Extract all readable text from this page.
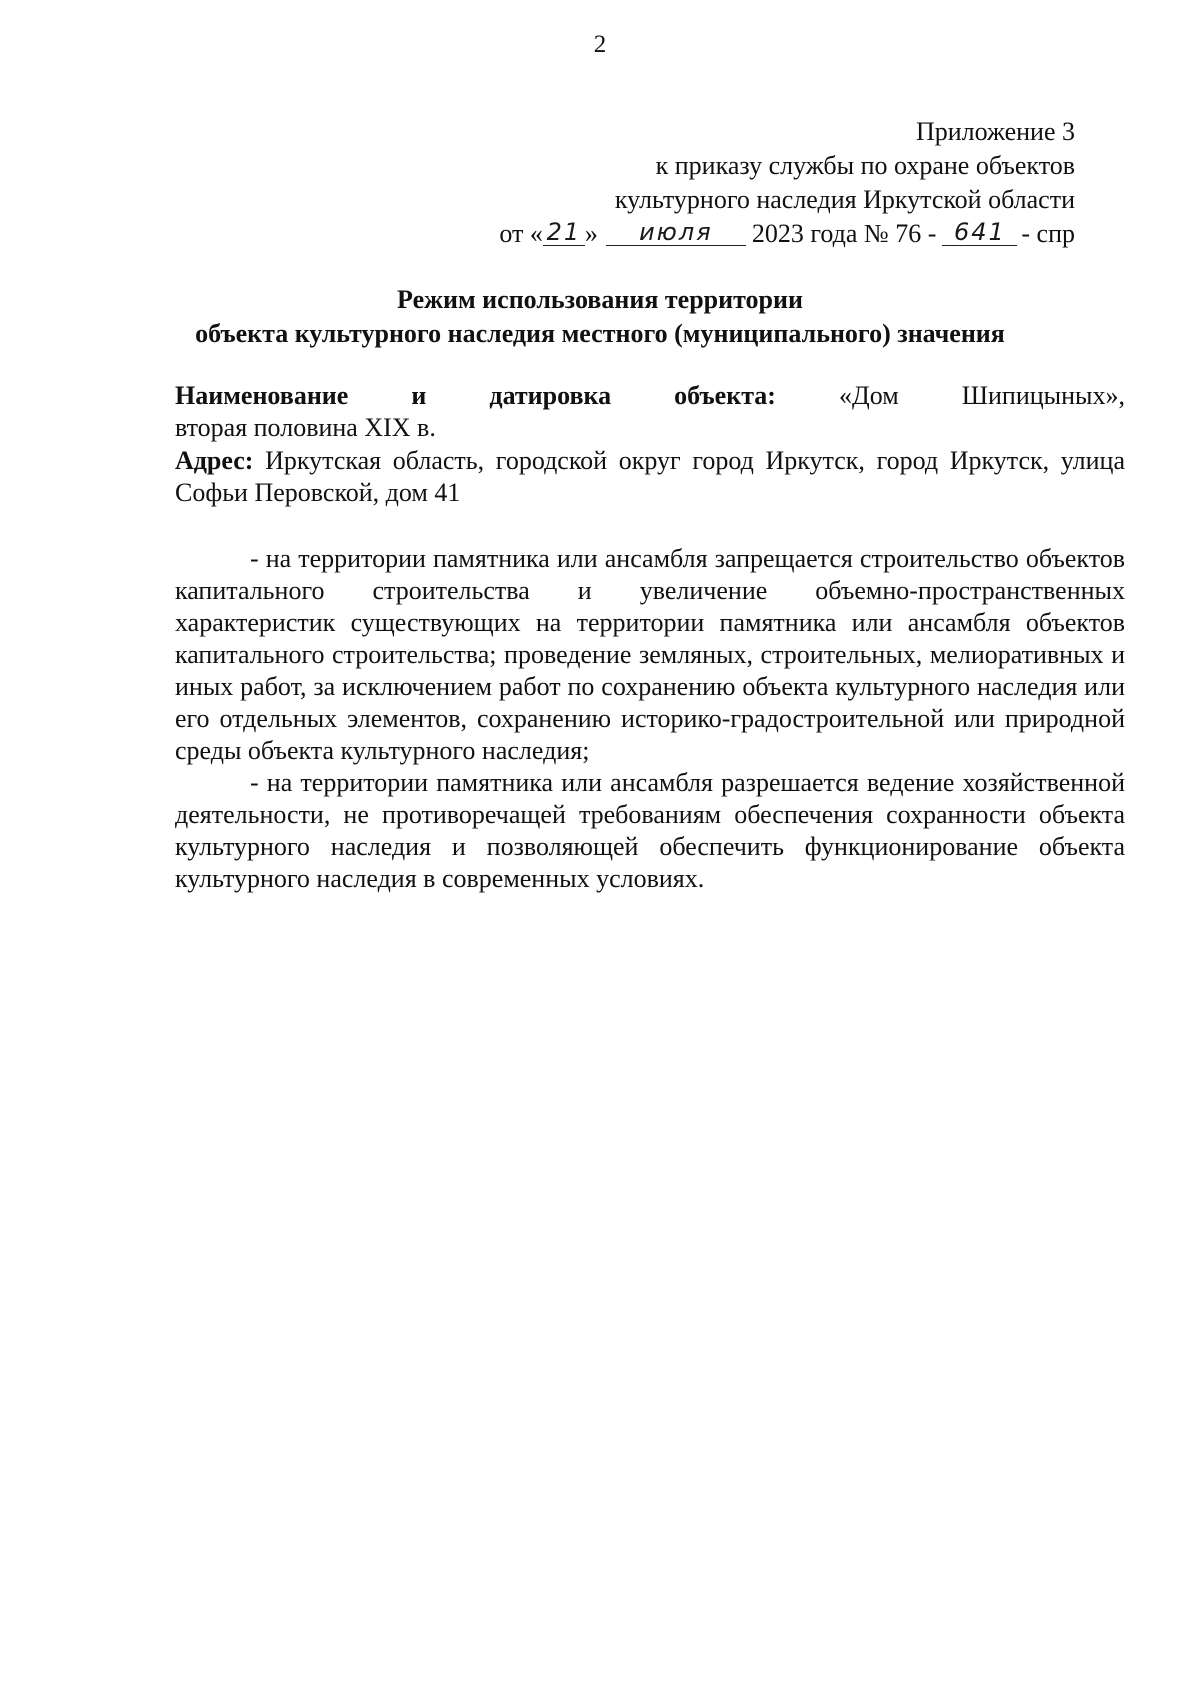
2
Приложение 3
к приказу службы по охране объектов
культурного наследия Иркутской области
от « 21 »	июля	2023 года № 76 - 641 - спр
Режим использования территории
объекта культурного наследия местного (муниципального) значения
Наименование и датировка объекта: «Дом Шипицыных»,
вторая половина XIX в.
Адрес: Иркутская область, городской округ город Иркутск, город Иркутск, улица Софьи Перовской, дом 41

- на территории памятника или ансамбля запрещается строительство объектов капитального строительства и увеличение объемно-пространственных характеристик существующих на территории памятника или ансамбля объектов капитального строительства; проведение земляных, строительных, мелиоративных и иных работ, за исключением работ по сохранению объекта культурного наследия или его отдельных элементов, сохранению историко-градостроительной или природной среды объекта культурного наследия;

- на территории памятника или ансамбля разрешается ведение хозяйственной деятельности, не противоречащей требованиям обеспечения сохранности объекта культурного наследия и позволяющей обеспечить функционирование объекта культурного наследия в современных условиях.
